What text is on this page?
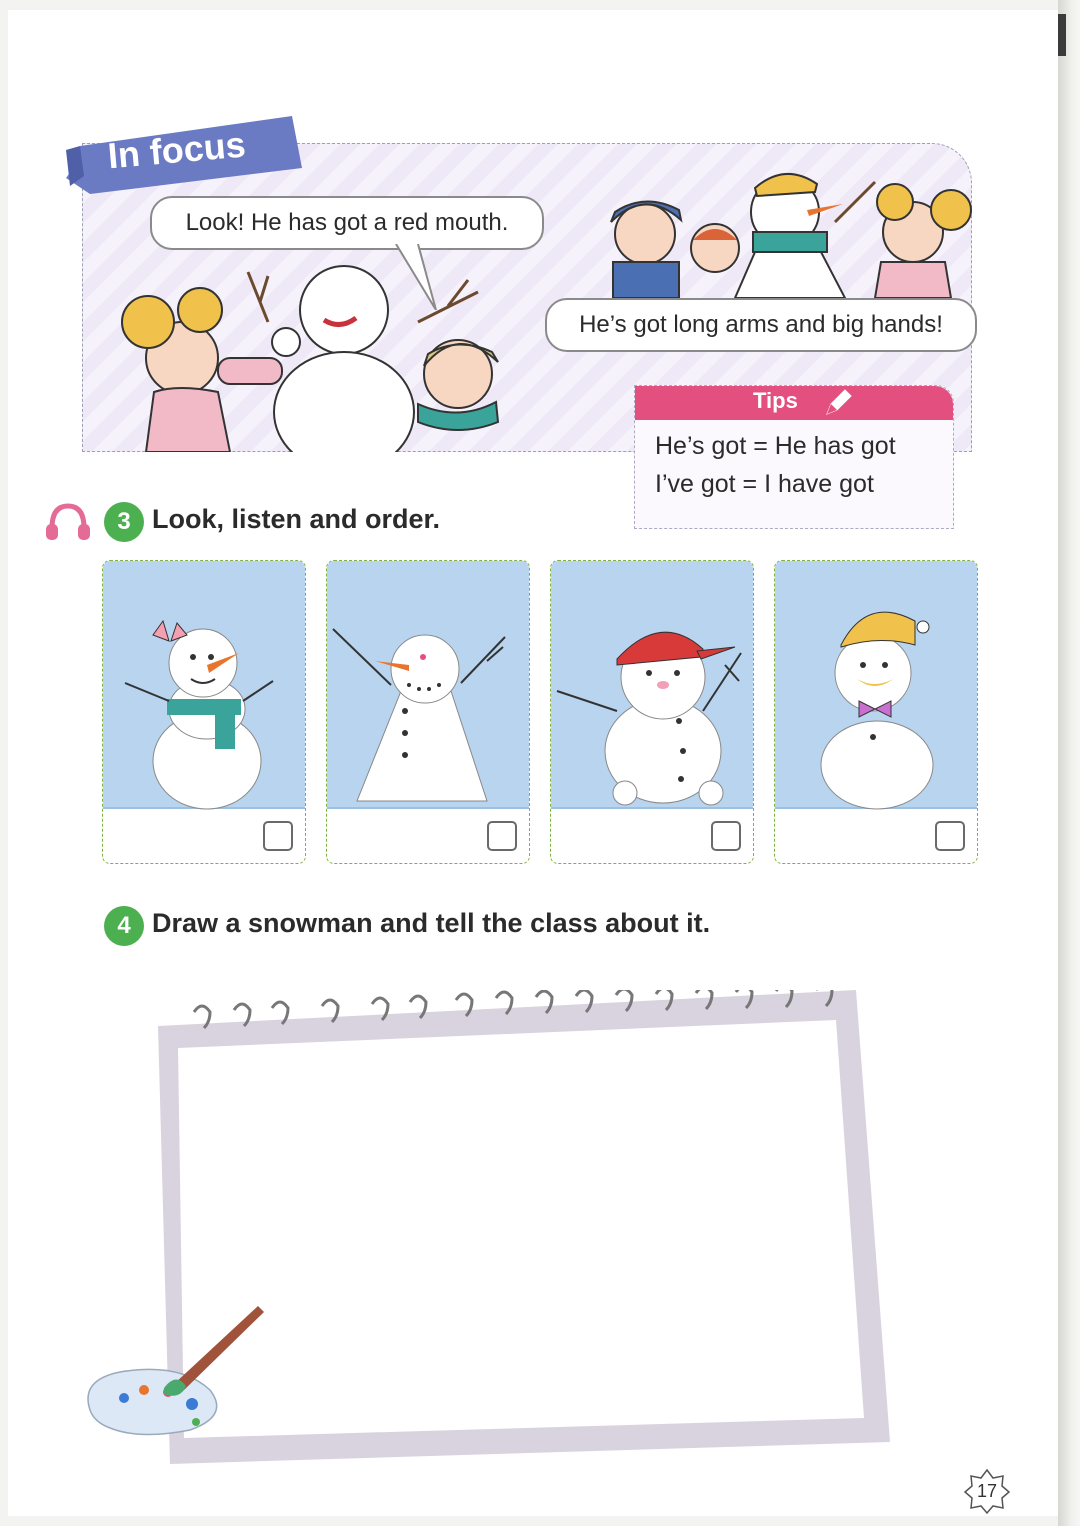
In focus
Look! He has got a red mouth.
He’s got long arms and big hands!
Tips
He’s got = He has got
I’ve got = I have got
3 Look, listen and order.
4 Draw a snowman and tell the class about it.
17
